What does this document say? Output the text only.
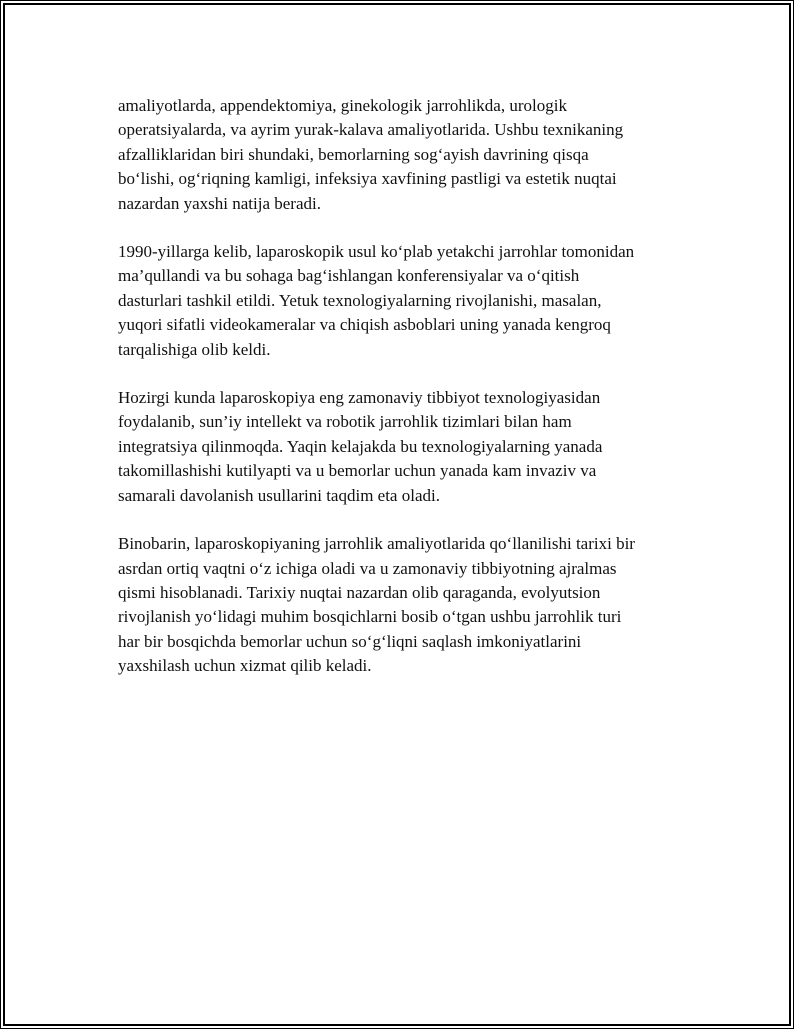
amaliyotlarda, appendektomiya, ginekologik jarrohlikda, urologik
operatsiyalarda, va ayrim yurak-kalava amaliyotlarida. Ushbu texnikaning
afzalliklaridan biri shundaki, bemorlarning sog‘ayish davrining qisqa
bo‘lishi, og‘riqning kamligi, infeksiya xavfining pastligi va estetik nuqtai
nazardan yaxshi natija beradi.

1990-yillarga kelib, laparoskopik usul ko‘plab yetakchi jarrohlar tomonidan
ma’qullandi va bu sohaga bag‘ishlangan konferensiyalar va o‘qitish
dasturlari tashkil etildi. Yetuk texnologiyalarning rivojlanishi, masalan,
yuqori sifatli videokameralar va chiqish asboblari uning yanada kengroq
tarqalishiga olib keldi.

Hozirgi kunda laparoskopiya eng zamonaviy tibbiyot texnologiyasidan
foydalanib, sun’iy intellekt va robotik jarrohlik tizimlari bilan ham
integratsiya qilinmoqda. Yaqin kelajakda bu texnologiyalarning yanada
takomillashishi kutilyapti va u bemorlar uchun yanada kam invaziv va
samarali davolanish usullarini taqdim eta oladi.

Binobarin, laparoskopiyaning jarrohlik amaliyotlarida qo‘llanilishi tarixi bir
asrdan ortiq vaqtni o‘z ichiga oladi va u zamonaviy tibbiyotning ajralmas
qismi hisoblanadi. Tarixiy nuqtai nazardan olib qaraganda, evolyutsion
rivojlanish yo‘lidagi muhim bosqichlarni bosib o‘tgan ushbu jarrohlik turi
har bir bosqichda bemorlar uchun so‘g‘liqni saqlash imkoniyatlarini
yaxshilash uchun xizmat qilib keladi.
